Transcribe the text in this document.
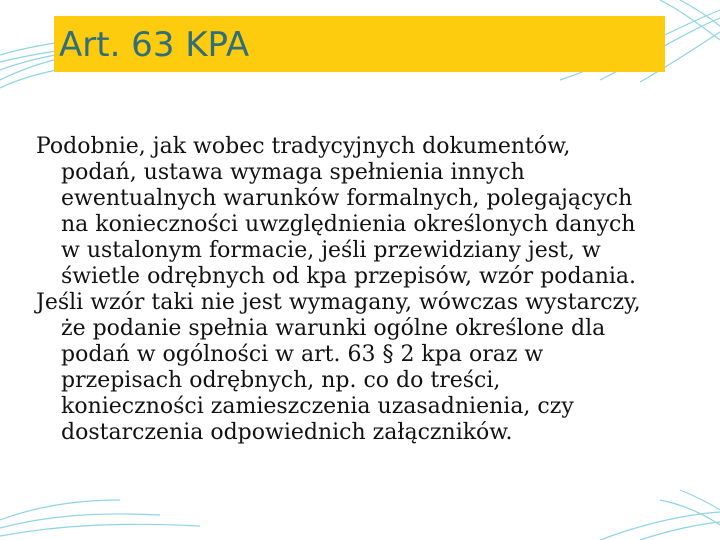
Art. 63 KPA

Podobnie, jak wobec tradycyjnych dokumentów,
podań, ustawa wymaga spełnienia innych
ewentualnych warunków formalnych, polegających
na konieczności uwzględnienia określonych danych
w ustalonym formacie, jeśli przewidziany jest, w
świetle odrębnych od kpa przepisów, wzór podania.

Jeśli wzór taki nie jest wymagany, wówczas wystarczy,
że podanie spełnia warunki ogólne określone dla
podań w ogólności w art. 63 § 2 kpa oraz w
przepisach odrębnych, np. co do treści,
konieczności zamieszczenia uzasadnienia, czy
dostarczenia odpowiednich załączników.
